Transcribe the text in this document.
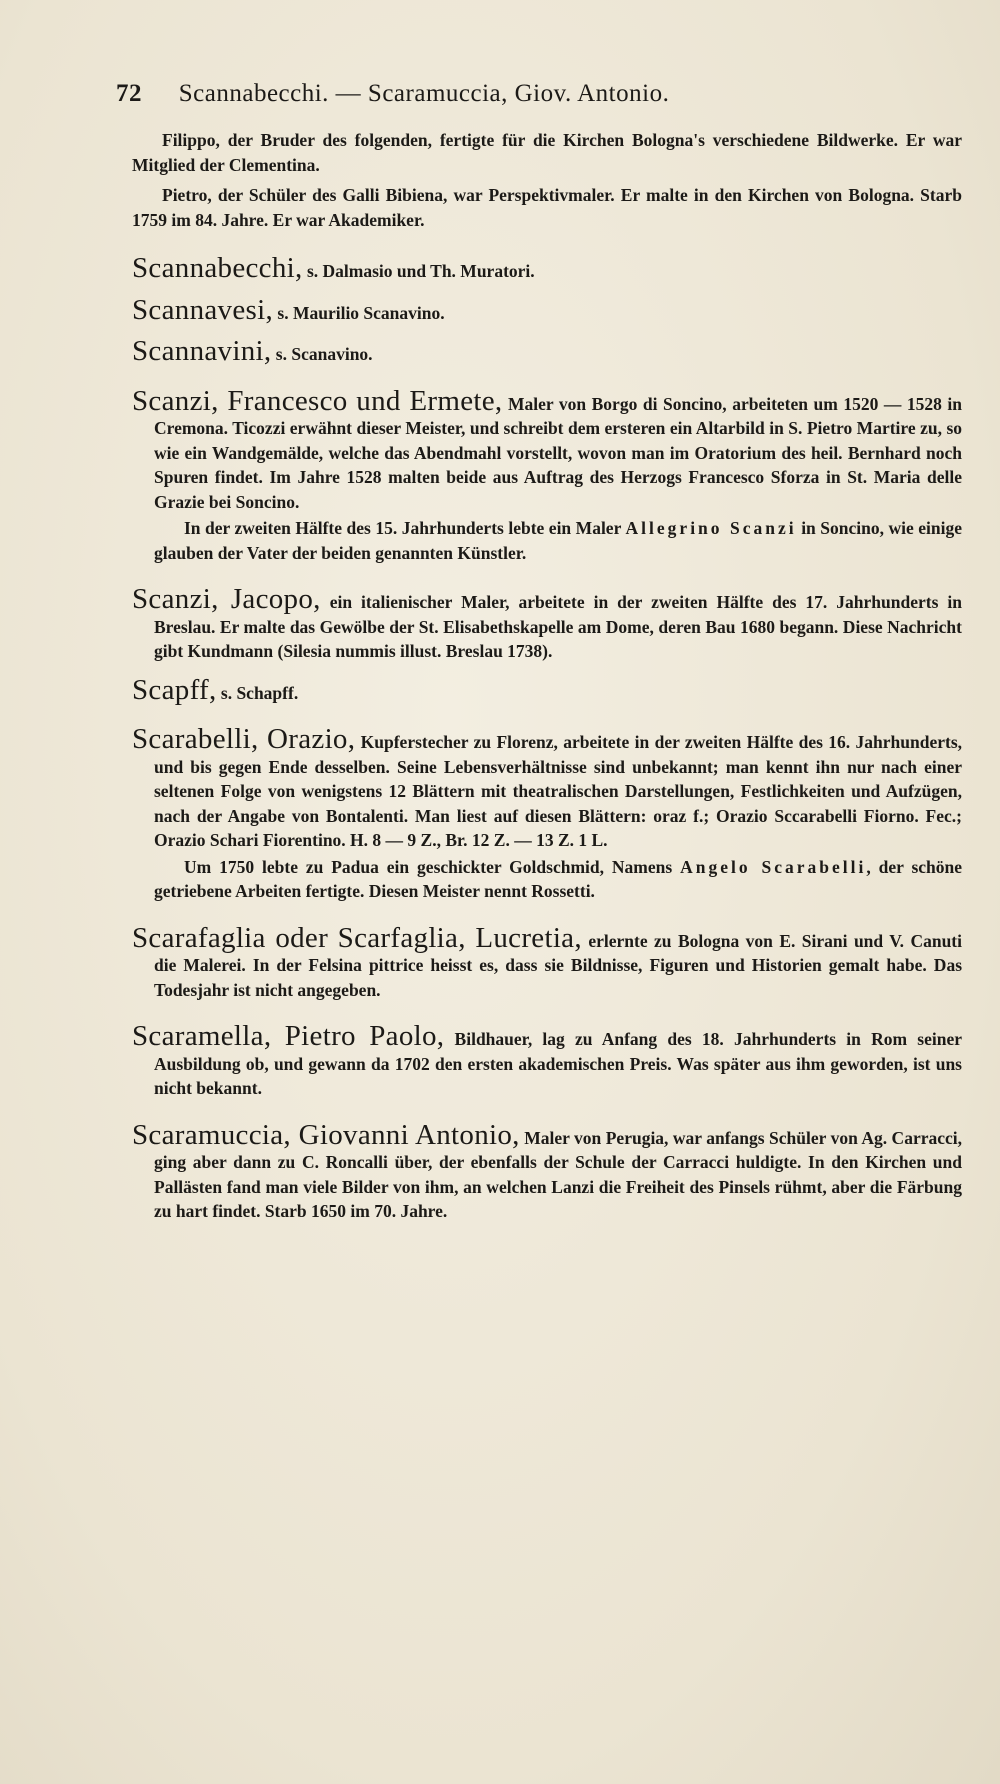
72 Scannabecchi. — Scaramuccia, Giov. Antonio.

Filippo, der Bruder des folgenden, fertigte für die Kirchen Bologna's verschiedene Bildwerke. Er war Mitglied der Clementina.

Pietro, der Schüler des Galli Bibiena, war Perspektivmaler. Er malte in den Kirchen von Bologna. Starb 1759 im 84. Jahre. Er war Akademiker.

Scannabecchi, s. Dalmasio und Th. Muratori.

Scannavesi, s. Maurilio Scanavino.

Scannavini, s. Scanavino.

Scanzi, Francesco und Ermete, Maler von Borgo di Soncino, arbeiteten um 1520 — 1528 in Cremona. Ticozzi erwähnt dieser Meister, und schreibt dem ersteren ein Altarbild in S. Pietro Martire zu, so wie ein Wandgemälde, welche das Abendmahl vorstellt, wovon man im Oratorium des heil. Bernhard noch Spuren findet. Im Jahre 1528 malten beide aus Auftrag des Herzogs Francesco Sforza in St. Maria delle Grazie bei Soncino.

In der zweiten Hälfte des 15. Jahrhunderts lebte ein Maler Allegrino Scanzi in Soncino, wie einige glauben der Vater der beiden genannten Künstler.

Scanzi, Jacopo, ein italienischer Maler, arbeitete in der zweiten Hälfte des 17. Jahrhunderts in Breslau. Er malte das Gewölbe der St. Elisabethskapelle am Dome, deren Bau 1680 begann. Diese Nachricht gibt Kundmann (Silesia nummis illust. Breslau 1738).

Scapff, s. Schapff.

Scarabelli, Orazio, Kupferstecher zu Florenz, arbeitete in der zweiten Hälfte des 16. Jahrhunderts, und bis gegen Ende desselben. Seine Lebensverhältnisse sind unbekannt; man kennt ihn nur nach einer seltenen Folge von wenigstens 12 Blättern mit theatralischen Darstellungen, Festlichkeiten und Aufzügen, nach der Angabe von Bontalenti. Man liest auf diesen Blättern: oraz f.; Orazio Sccarabelli Fiorno. Fec.; Orazio Schari Fiorentino. H. 8 — 9 Z., Br. 12 Z. — 13 Z. 1 L.

Um 1750 lebte zu Padua ein geschickter Goldschmid, Namens Angelo Scarabelli, der schöne getriebene Arbeiten fertigte. Diesen Meister nennt Rossetti.

Scarafaglia oder Scarfaglia, Lucretia, erlernte zu Bologna von E. Sirani und V. Canuti die Malerei. In der Felsina pittrice heisst es, dass sie Bildnisse, Figuren und Historien gemalt habe. Das Todesjahr ist nicht angegeben.

Scaramella, Pietro Paolo, Bildhauer, lag zu Anfang des 18. Jahrhunderts in Rom seiner Ausbildung ob, und gewann da 1702 den ersten akademischen Preis. Was später aus ihm geworden, ist uns nicht bekannt.

Scaramuccia, Giovanni Antonio, Maler von Perugia, war anfangs Schüler von Ag. Carracci, ging aber dann zu C. Roncalli über, der ebenfalls der Schule der Carracci huldigte. In den Kirchen und Pallästen fand man viele Bilder von ihm, an welchen Lanzi die Freiheit des Pinsels rühmt, aber die Färbung zu hart findet. Starb 1650 im 70. Jahre.
